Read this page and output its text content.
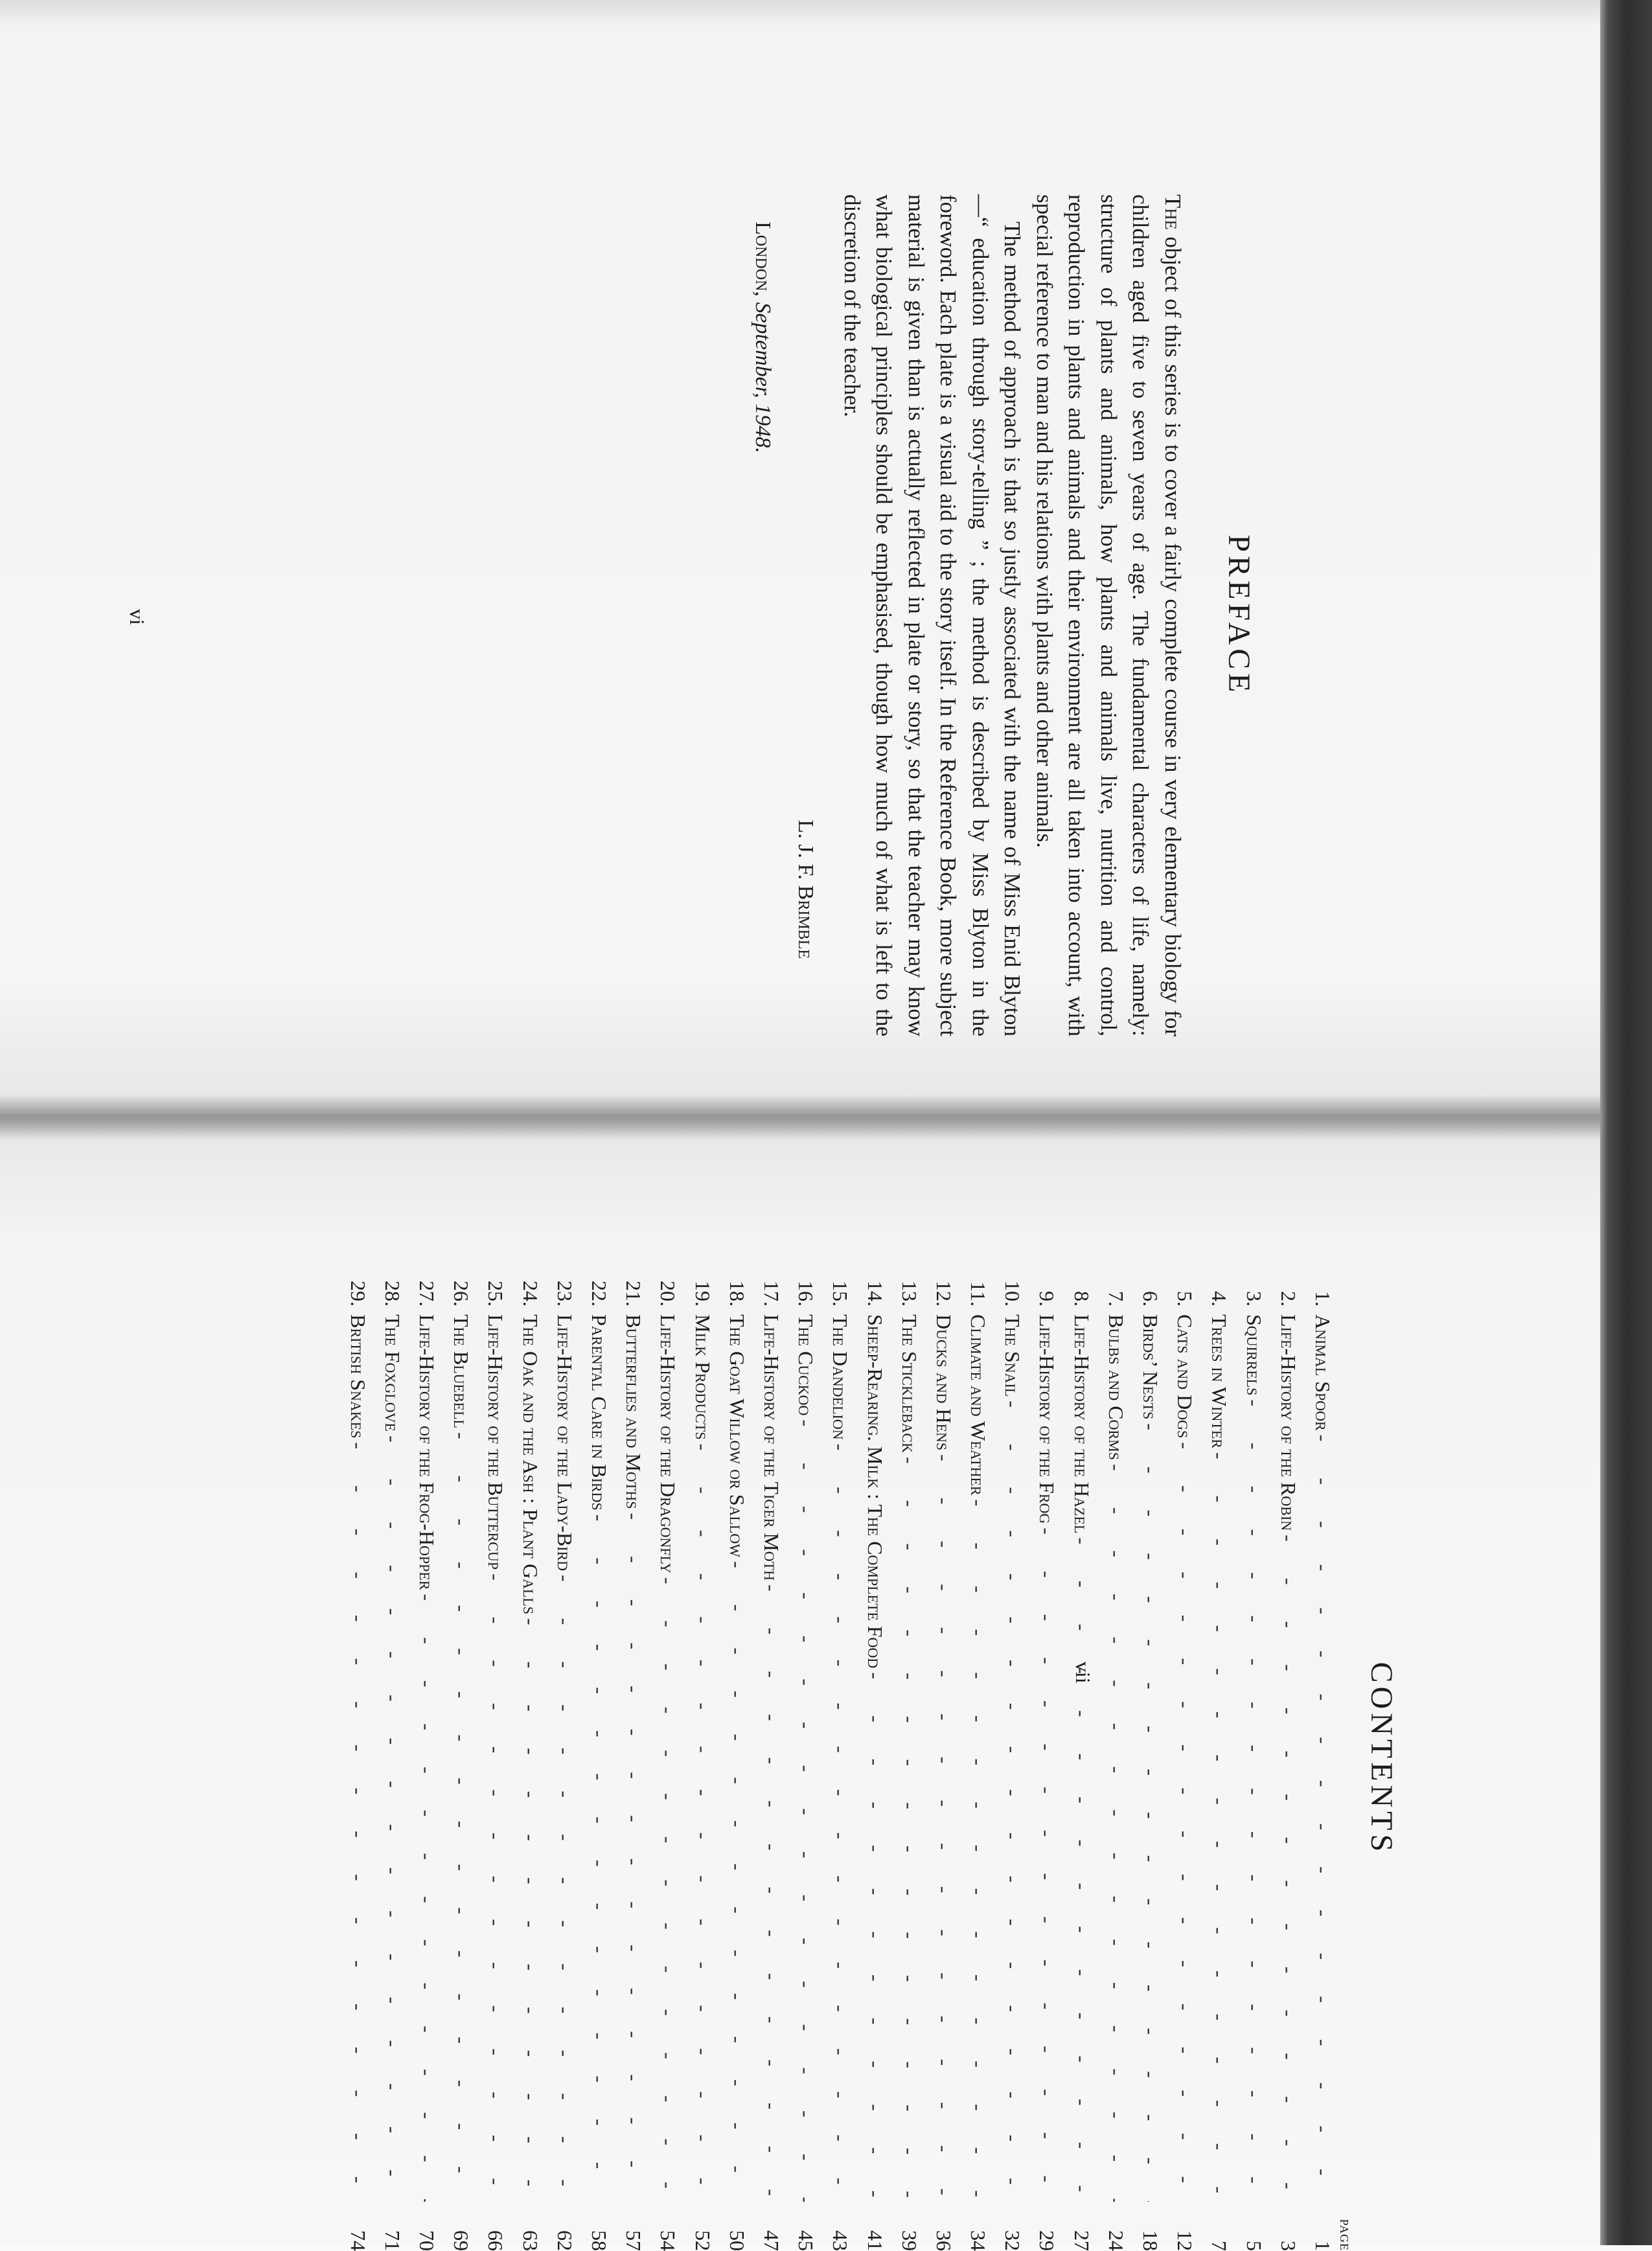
PREFACE

The object of this series is to cover a fairly complete course in very elementary biology for children aged five to seven years of age. The fundamental characters of life, namely: structure of plants and animals, how plants and animals live, nutrition and control, reproduction in plants and animals and their environment are all taken into account, with special reference to man and his relations with plants and other animals.

The method of approach is that so justly associated with the name of Miss Enid Blyton—“ education through story-telling ” ; the method is described by Miss Blyton in the foreword. Each plate is a visual aid to the story itself. In the Reference Book, more subject material is given than is actually reflected in plate or story, so that the teacher may know what biological principles should be emphasised, though how much of what is left to the discretion of the teacher.

L. J. F. Brimble
London, September, 1948.
vi
CONTENTS
PAGE
1.
Animal Spoor
-
1
2.
Life-History of the Robin
-
3
3.
Squirrels
-
5
4.
Trees in Winter
-
7
5.
Cats and Dogs
-
12
6.
Birds’ Nests
-
18
7.
Bulbs and Corms
-
24
8.
Life-History of the Hazel
-
27
9.
Life-History of the Frog
-
29
10.
The Snail
-
32
11.
Climate and Weather
-
34
12.
Ducks and Hens
-
36
13.
The Stickleback
-
39
14.
Sheep-Rearing. Milk : The Complete Food
-
41
15.
The Dandelion
-
43
16.
The Cuckoo
-
45
17.
Life-History of the Tiger Moth
-
47
18.
The Goat Willow or Sallow
-
50
19.
Milk Products
-
52
20.
Life-History of the Dragonfly
-
54
21.
Butterflies and Moths
-
57
22.
Parental Care in Birds
-
58
23.
Life-History of the Lady-Bird
-
62
24.
The Oak and the Ash : Plant Galls
-
63
25.
Life-History of the Buttercup
-
66
26.
The Bluebell
-
69
27.
Life-History of the Frog-Hopper
-
70
28.
The Foxglove
-
71
29.
British Snakes
-
74
vii
